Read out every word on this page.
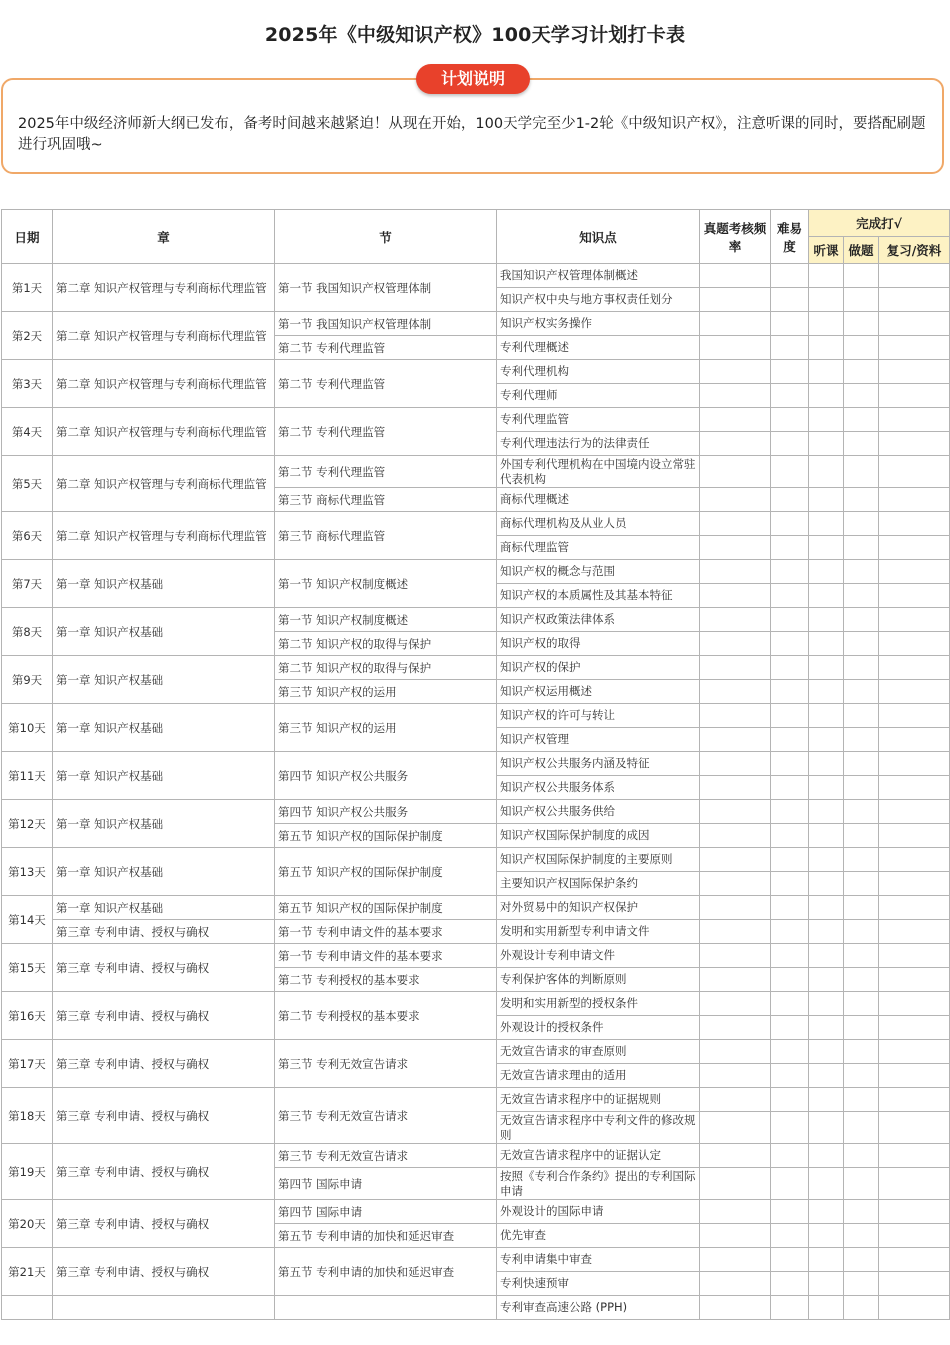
2025年《中级知识产权》100天学习计划打卡表
计划说明
2025年中级经济师新大纲已发布，备考时间越来越紧迫！从现在开始，100天学完至少1-2轮《中级知识产权》，注意听课的同时，要搭配刷题进行巩固哦~
日期	章	节	知识点	真题考核频率	难易度	完成打√		
						听课	做题	复习/资料
第1天	第二章 知识产权管理与专利商标代理监管	第一节 我国知识产权管理体制	我国知识产权管理体制概述					
			知识产权中央与地方事权责任划分					
第2天	第二章 知识产权管理与专利商标代理监管	第一节 我国知识产权管理体制	知识产权实务操作					
		第二节 专利代理监管	专利代理概述					
第3天	第二章 知识产权管理与专利商标代理监管	第二节 专利代理监管	专利代理机构					
			专利代理师					
第4天	第二章 知识产权管理与专利商标代理监管	第二节 专利代理监管	专利代理监管					
			专利代理违法行为的法律责任					
第5天	第二章 知识产权管理与专利商标代理监管	第二节 专利代理监管	外国专利代理机构在中国境内设立常驻代表机构					
		第三节 商标代理监管	商标代理概述					
第6天	第二章 知识产权管理与专利商标代理监管	第三节 商标代理监管	商标代理机构及从业人员					
			商标代理监管					
第7天	第一章 知识产权基础	第一节 知识产权制度概述	知识产权的概念与范围					
			知识产权的本质属性及其基本特征					
第8天	第一章 知识产权基础	第一节 知识产权制度概述	知识产权政策法律体系					
		第二节 知识产权的取得与保护	知识产权的取得					
第9天	第一章 知识产权基础	第二节 知识产权的取得与保护	知识产权的保护					
		第三节 知识产权的运用	知识产权运用概述					
第10天	第一章 知识产权基础	第三节 知识产权的运用	知识产权的许可与转让					
			知识产权管理					
第11天	第一章 知识产权基础	第四节 知识产权公共服务	知识产权公共服务内涵及特征					
			知识产权公共服务体系					
第12天	第一章 知识产权基础	第四节 知识产权公共服务	知识产权公共服务供给					
		第五节 知识产权的国际保护制度	知识产权国际保护制度的成因					
第13天	第一章 知识产权基础	第五节 知识产权的国际保护制度	知识产权国际保护制度的主要原则					
			主要知识产权国际保护条约					
第14天	第一章 知识产权基础	第五节 知识产权的国际保护制度	对外贸易中的知识产权保护					
	第三章 专利申请、授权与确权	第一节 专利申请文件的基本要求	发明和实用新型专利申请文件					
第15天	第三章 专利申请、授权与确权	第一节 专利申请文件的基本要求	外观设计专利申请文件					
		第二节 专利授权的基本要求	专利保护客体的判断原则					
第16天	第三章 专利申请、授权与确权	第二节 专利授权的基本要求	发明和实用新型的授权条件					
			外观设计的授权条件					
第17天	第三章 专利申请、授权与确权	第三节 专利无效宣告请求	无效宣告请求的审查原则					
			无效宣告请求理由的适用					
第18天	第三章 专利申请、授权与确权	第三节 专利无效宣告请求	无效宣告请求程序中的证据规则					
			无效宣告请求程序中专利文件的修改规则					
第19天	第三章 专利申请、授权与确权	第三节 专利无效宣告请求	无效宣告请求程序中的证据认定					
		第四节 国际申请	按照《专利合作条约》提出的专利国际申请					
第20天	第三章 专利申请、授权与确权	第四节 国际申请	外观设计的国际申请					
		第五节 专利申请的加快和延迟审查	优先审查					
第21天	第三章 专利申请、授权与确权	第五节 专利申请的加快和延迟审查	专利申请集中审查					
			专利快速预审					
			专利审查高速公路 (PPH)					
